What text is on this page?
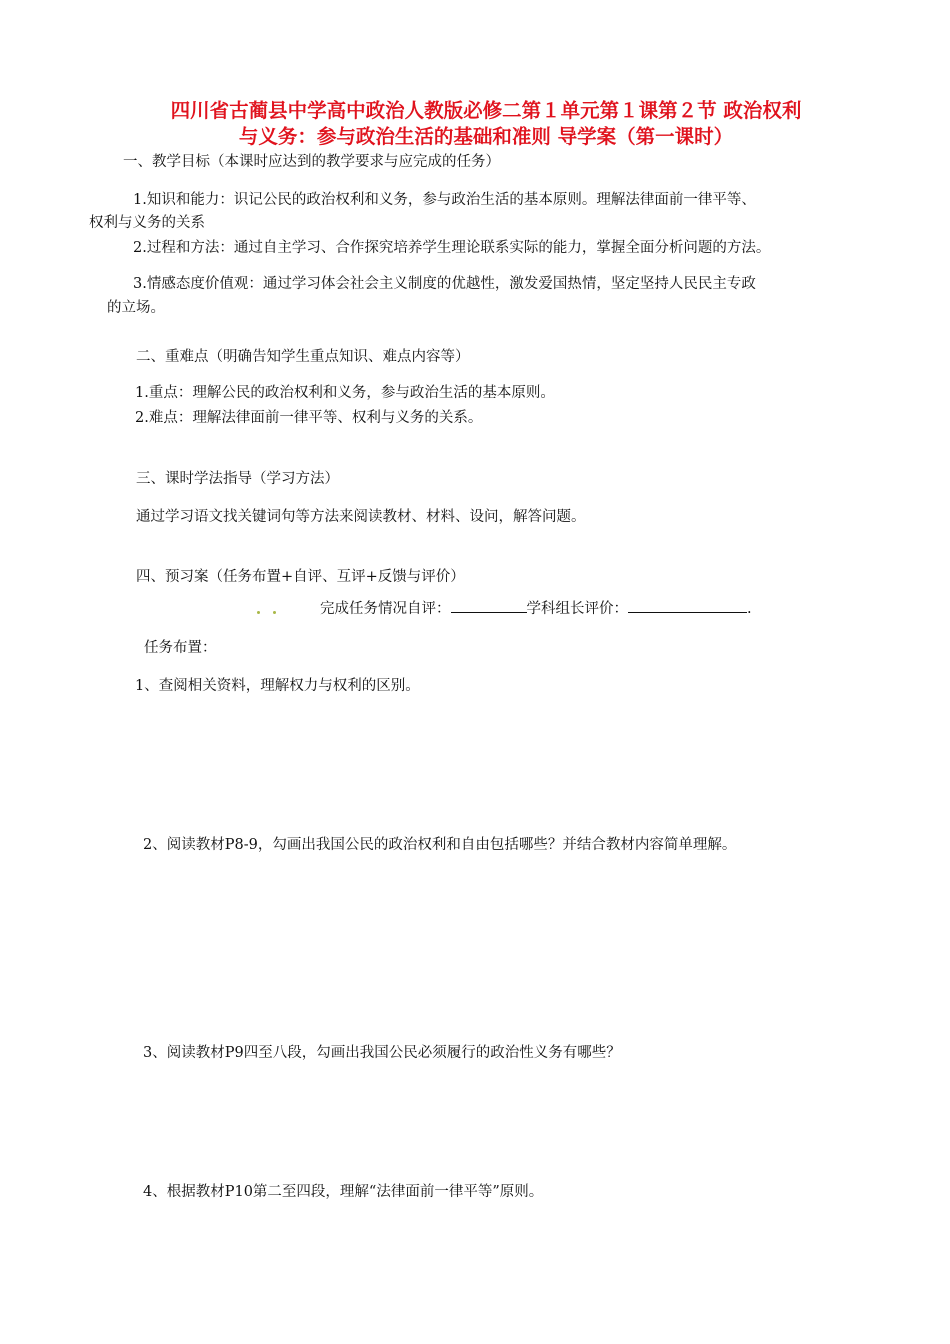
四川省古蔺县中学高中政治人教版必修二第１单元第１课第２节 政治权利
与义务：参与政治生活的基础和准则 导学案（第一课时）
一、教学目标（本课时应达到的教学要求与应完成的任务）
1.知识和能力：识记公民的政治权利和义务，参与政治生活的基本原则。理解法律面前一律平等、
权利与义务的关系
2.过程和方法：通过自主学习、合作探究培养学生理论联系实际的能力，掌握全面分析问题的方法。
3.情感态度价值观：通过学习体会社会主义制度的优越性，激发爱国热情，坚定坚持人民民主专政
的立场。
二、重难点（明确告知学生重点知识、难点内容等）
1.重点：理解公民的政治权利和义务，参与政治生活的基本原则。
2.难点：理解法律面前一律平等、权利与义务的关系。
三、课时学法指导（学习方法）
通过学习语文找关键词句等方法来阅读教材、材料、设问，解答问题。
四、预习案（任务布置+自评、互评+反馈与评价）
完成任务情况自评：	学科组长评价：	.
任务布置：
1、查阅相关资料，理解权力与权利的区别。
2、阅读教材P8-9，勾画出我国公民的政治权利和自由包括哪些？并结合教材内容简单理解。
3、阅读教材P9四至八段，勾画出我国公民必须履行的政治性义务有哪些？
4、根据教材P10第二至四段，理解“法律面前一律平等”原则。
